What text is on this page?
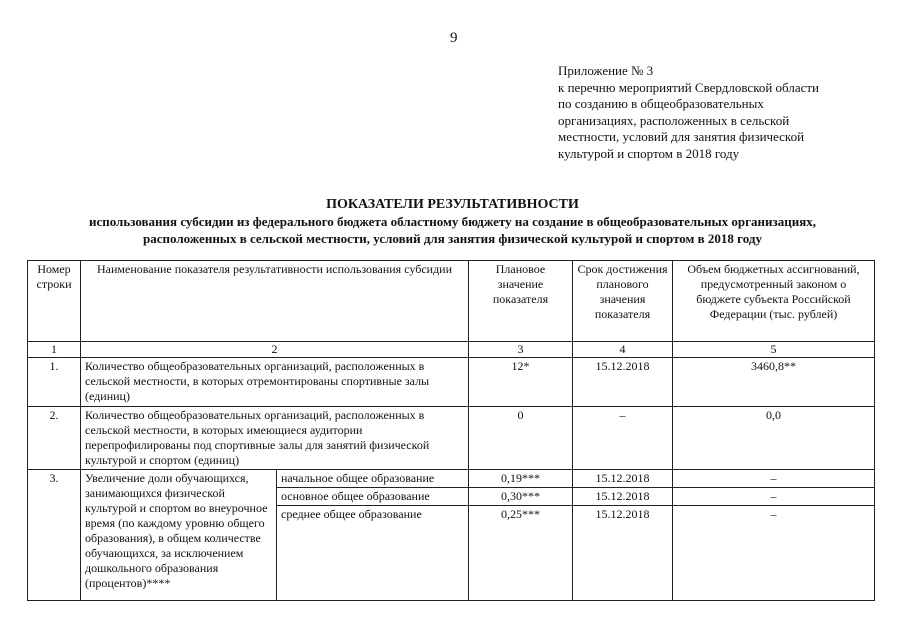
9
Приложение № 3
к перечню мероприятий Свердловской области
по созданию в общеобразовательных
организациях, расположенных в сельской
местности, условий для занятия физической
культурой и спортом в 2018 году
ПОКАЗАТЕЛИ РЕЗУЛЬТАТИВНОСТИ
использования субсидии из федерального бюджета областному бюджету на создание в общеобразовательных организациях,
расположенных в сельской местности, условий для занятия физической культурой и спортом в 2018 году
Номер строки	Наименование показателя результативности использования субсидии		Плановое значение показателя	Срок достижения планового значения показателя	Объем бюджетных ассигнований, предусмотренный законом о бюджете субъекта Российской Федерации (тыс. рублей)
1	2		3	4	5
1.	Количество общеобразовательных организаций, расположенных в сельской местности, в которых отремонтированы спортивные залы (единиц)		12*	15.12.2018	3460,8**
2.	Количество общеобразовательных организаций, расположенных в сельской местности, в которых имеющиеся аудитории перепрофилированы под спортивные залы для занятий физической культурой и спортом (единиц)		0	–	0,0
3.	Увеличение доли обучающихся, занимающихся физической культурой и спортом во внеурочное время (по каждому уровню общего образования), в общем количестве обучающихся, за исключением дошкольного образования (процентов)****	начальное общее образование	0,19***	15.12.2018	–
		основное общее образование	0,30***	15.12.2018	–
		среднее общее образование	0,25***	15.12.2018	–
